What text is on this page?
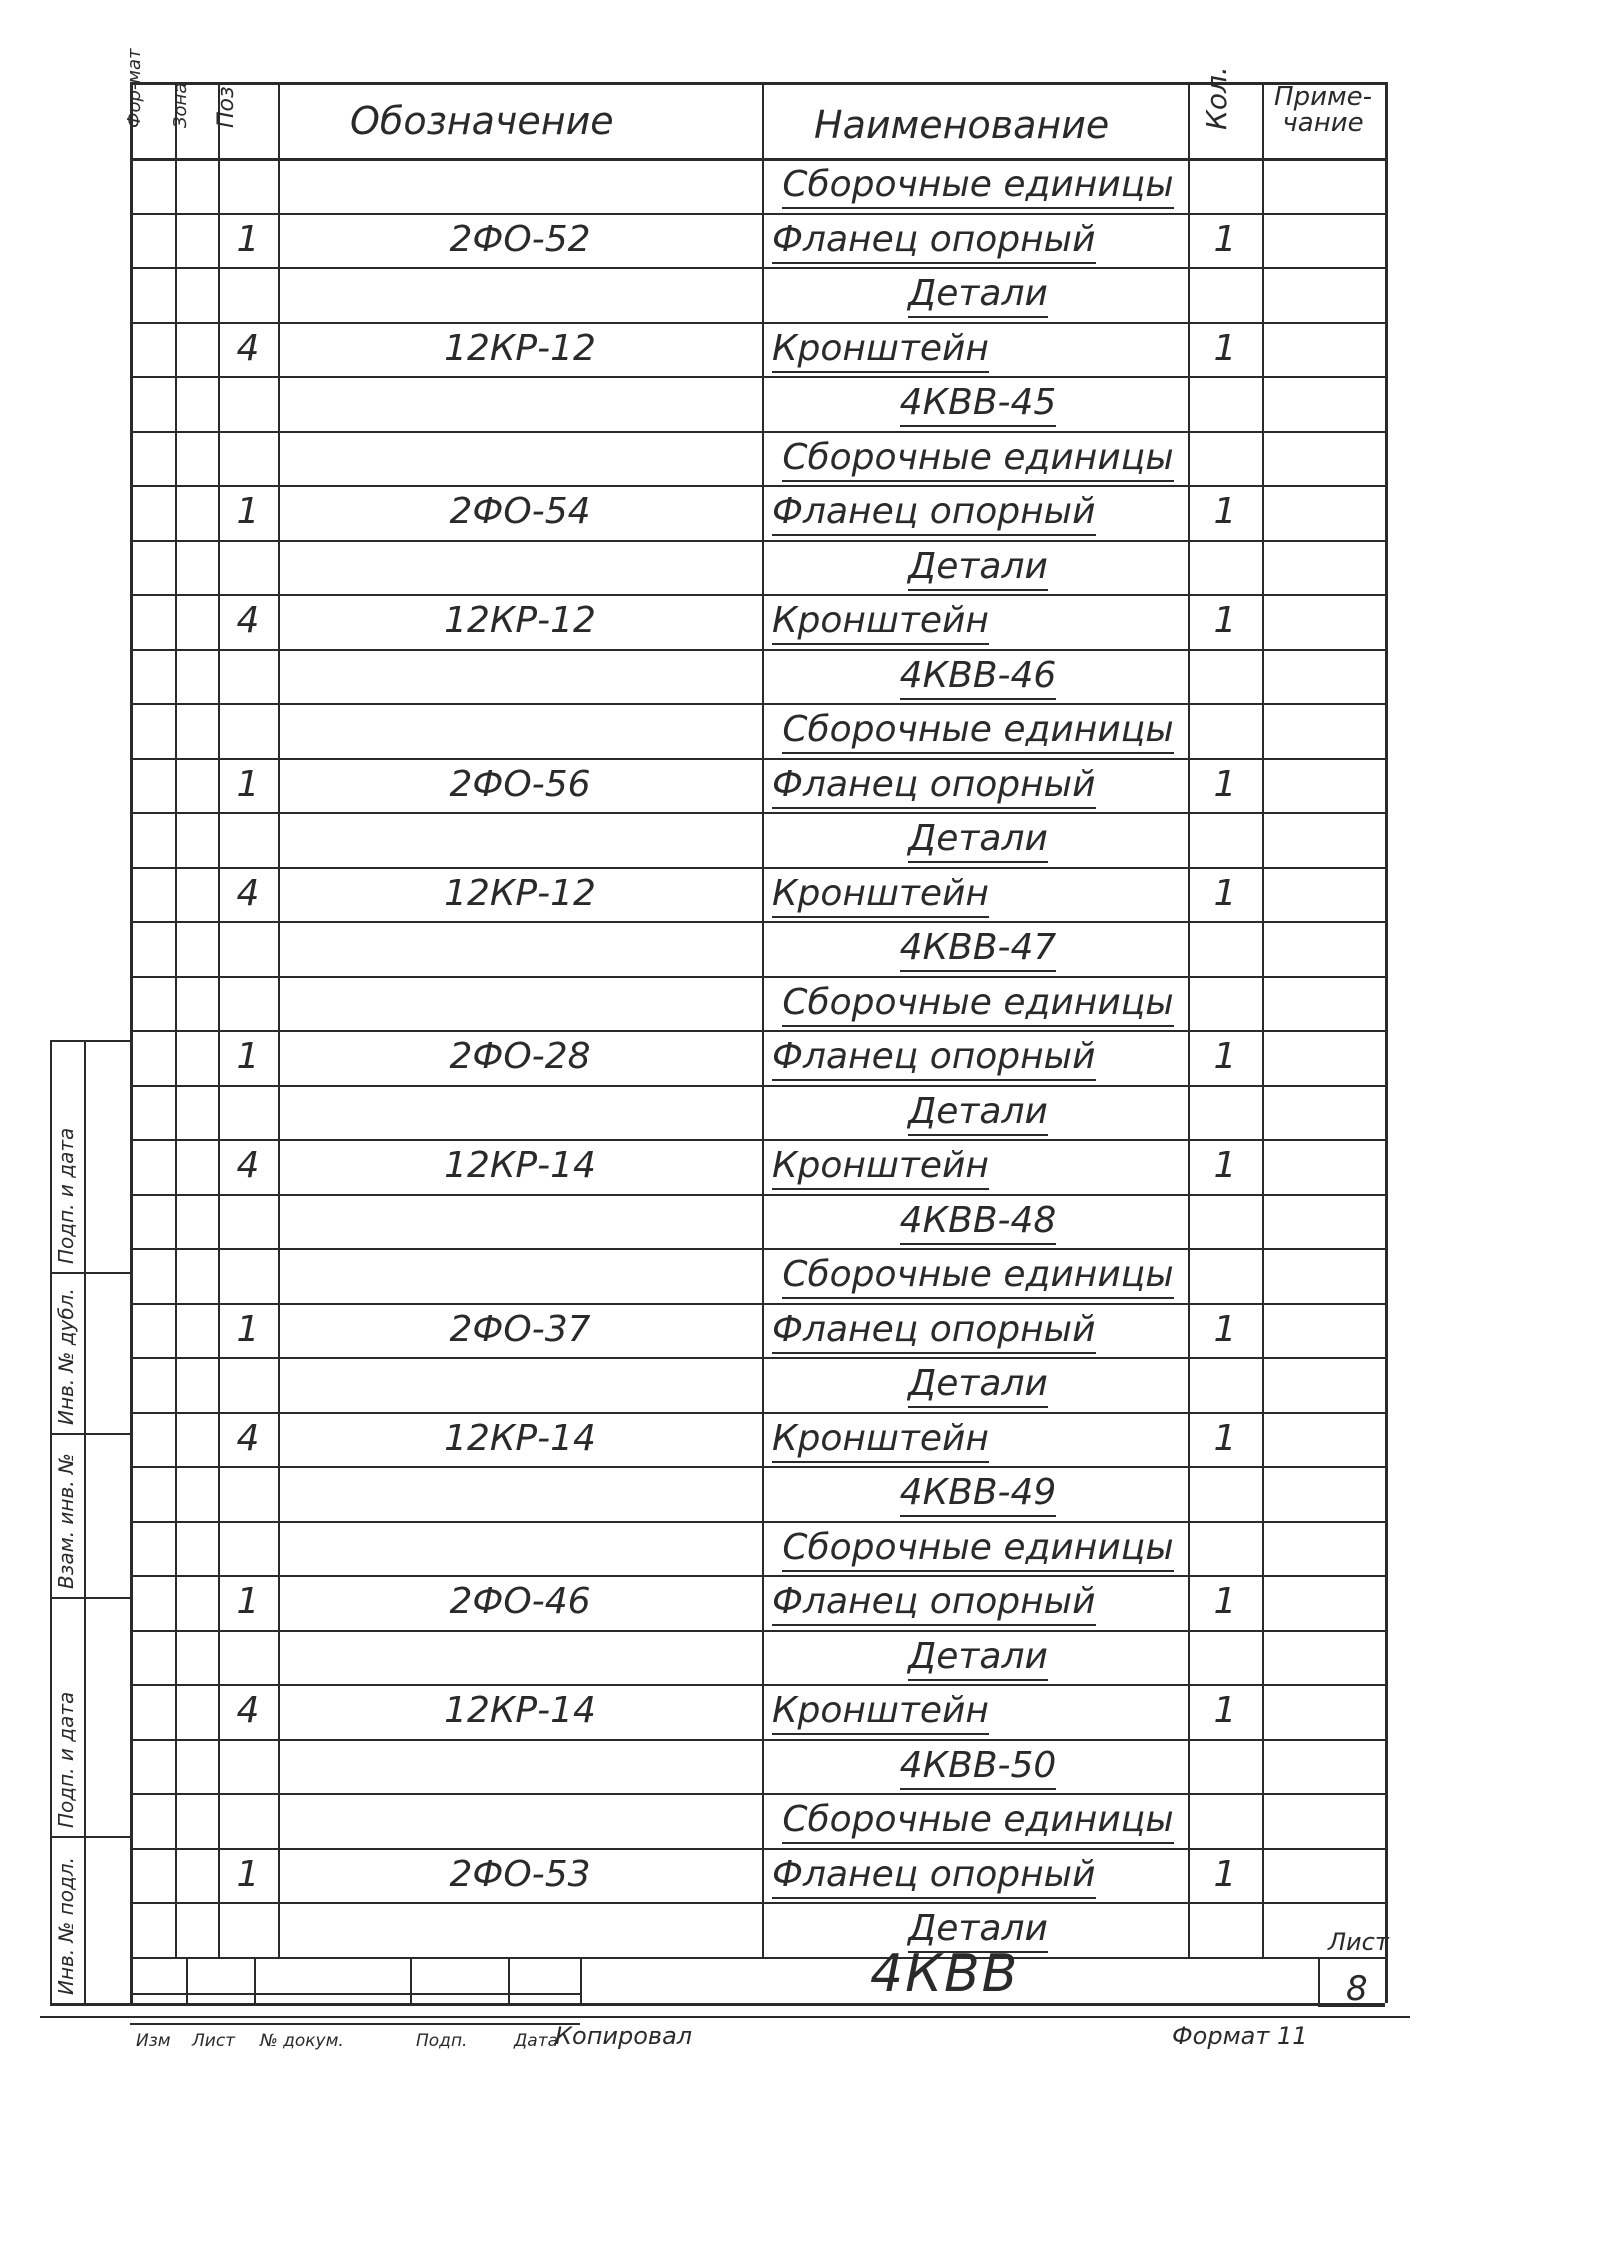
Фор-мат Зона Поз.	Обозначение	Наименование	Кол. Приме-чание
Сборочные единицы
1	2ФО-52	Фланец опорный	1
Детали
4	12КР-12	Кронштейн	1
4КВВ-45
Сборочные единицы
1	2ФО-54	Фланец опорный	1
Детали
4	12КР-12	Кронштейн	1
4КВВ-46
Сборочные единицы
1	2ФО-56	Фланец опорный	1
Детали
4	12КР-12	Кронштейн	1
4КВВ-47
Сборочные единицы
1	2ФО-28	Фланец опорный	1
Детали
4	12КР-14	Кронштейн	1
4КВВ-48
Сборочные единицы
1	2ФО-37	Фланец опорный	1
Детали
4	12КР-14	Кронштейн	1
4КВВ-49
Сборочные единицы
1	2ФО-46	Фланец опорный	1
Детали
4	12КР-14	Кронштейн	1
4КВВ-50
Сборочные единицы
1	2ФО-53	Фланец опорный	1
Детали
Подп. и дата
Инв. № дубл.
Взам. инв. №
Подп. и дата
Инв. № подл.	4КВВ
Лист
8
Изм Лист № докум.	Подп.	Дата
Копировал	Формат 11
